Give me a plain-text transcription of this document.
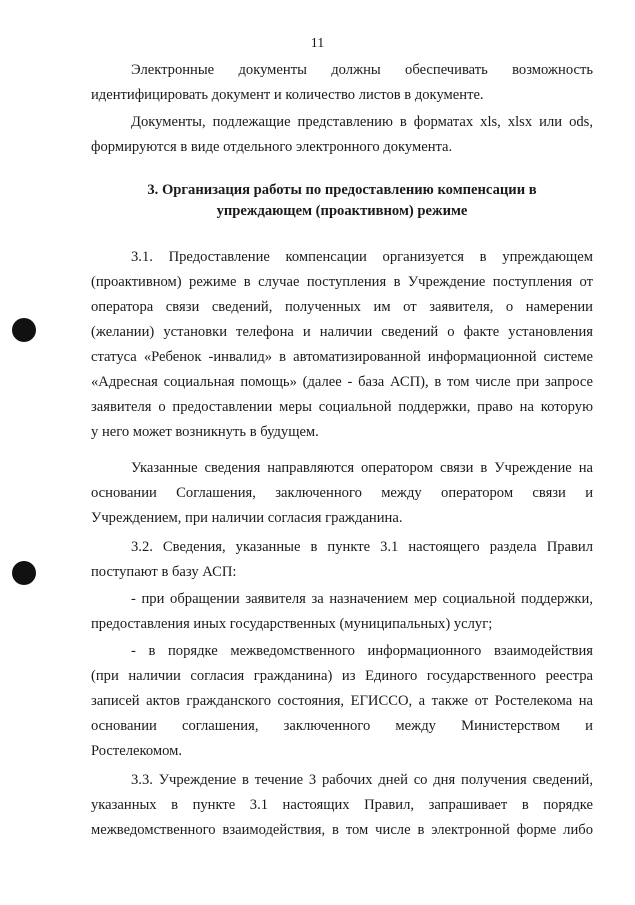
11
Электронные документы должны обеспечивать возможность
идентифицировать документ и количество листов в документе.
Документы, подлежащие представлению в форматах xls, xlsx или ods,
формируются в виде отдельного электронного документа.
3. Организация работы по предоставлению компенсации в
упреждающем (проактивном) режиме
3.1. Предоставление компенсации организуется в упреждающем
(проактивном) режиме в случае поступления в Учреждение поступления от
оператора связи сведений, полученных им от заявителя, о намерении
(желании) установки телефона и наличии сведений о факте установления
статуса «Ребенок -инвалид» в автоматизированной информационной системе
«Адресная социальная помощь» (далее - база АСП), в том числе при запросе
заявителя о предоставлении меры социальной поддержки, право на которую
у него может возникнуть в будущем.
Указанные сведения направляются оператором связи в Учреждение на
основании Соглашения, заключенного между оператором связи и
Учреждением, при наличии согласия гражданина.
3.2. Сведения, указанные в пункте 3.1 настоящего раздела Правил
поступают в базу АСП:
- при обращении заявителя за назначением мер социальной поддержки,
предоставления иных государственных (муниципальных) услуг;
- в порядке межведомственного информационного взаимодействия
(при наличии согласия гражданина) из Единого государственного реестра
записей актов гражданского состояния, ЕГИССО, а также от Ростелекома на
основании соглашения, заключенного между Министерством и
Ростелекомом.
3.3. Учреждение в течение 3 рабочих дней со дня получения сведений,
указанных в пункте 3.1 настоящих Правил, запрашивает в порядке
межведомственного взаимодействия, в том числе в электронной форме либо
